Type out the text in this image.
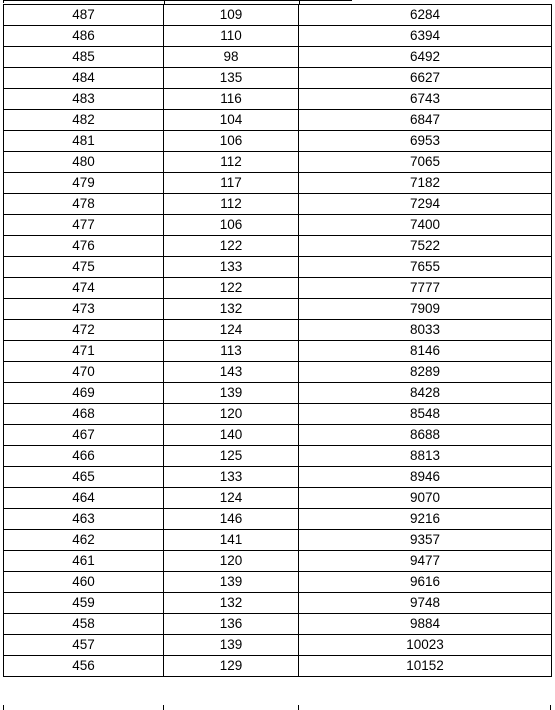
487	109	6284
486	110	6394
485	98	6492
484	135	6627
483	116	6743
482	104	6847
481	106	6953
480	112	7065
479	117	7182
478	112	7294
477	106	7400
476	122	7522
475	133	7655
474	122	7777
473	132	7909
472	124	8033
471	113	8146
470	143	8289
469	139	8428
468	120	8548
467	140	8688
466	125	8813
465	133	8946
464	124	9070
463	146	9216
462	141	9357
461	120	9477
460	139	9616
459	132	9748
458	136	9884
457	139	10023
456	129	10152
